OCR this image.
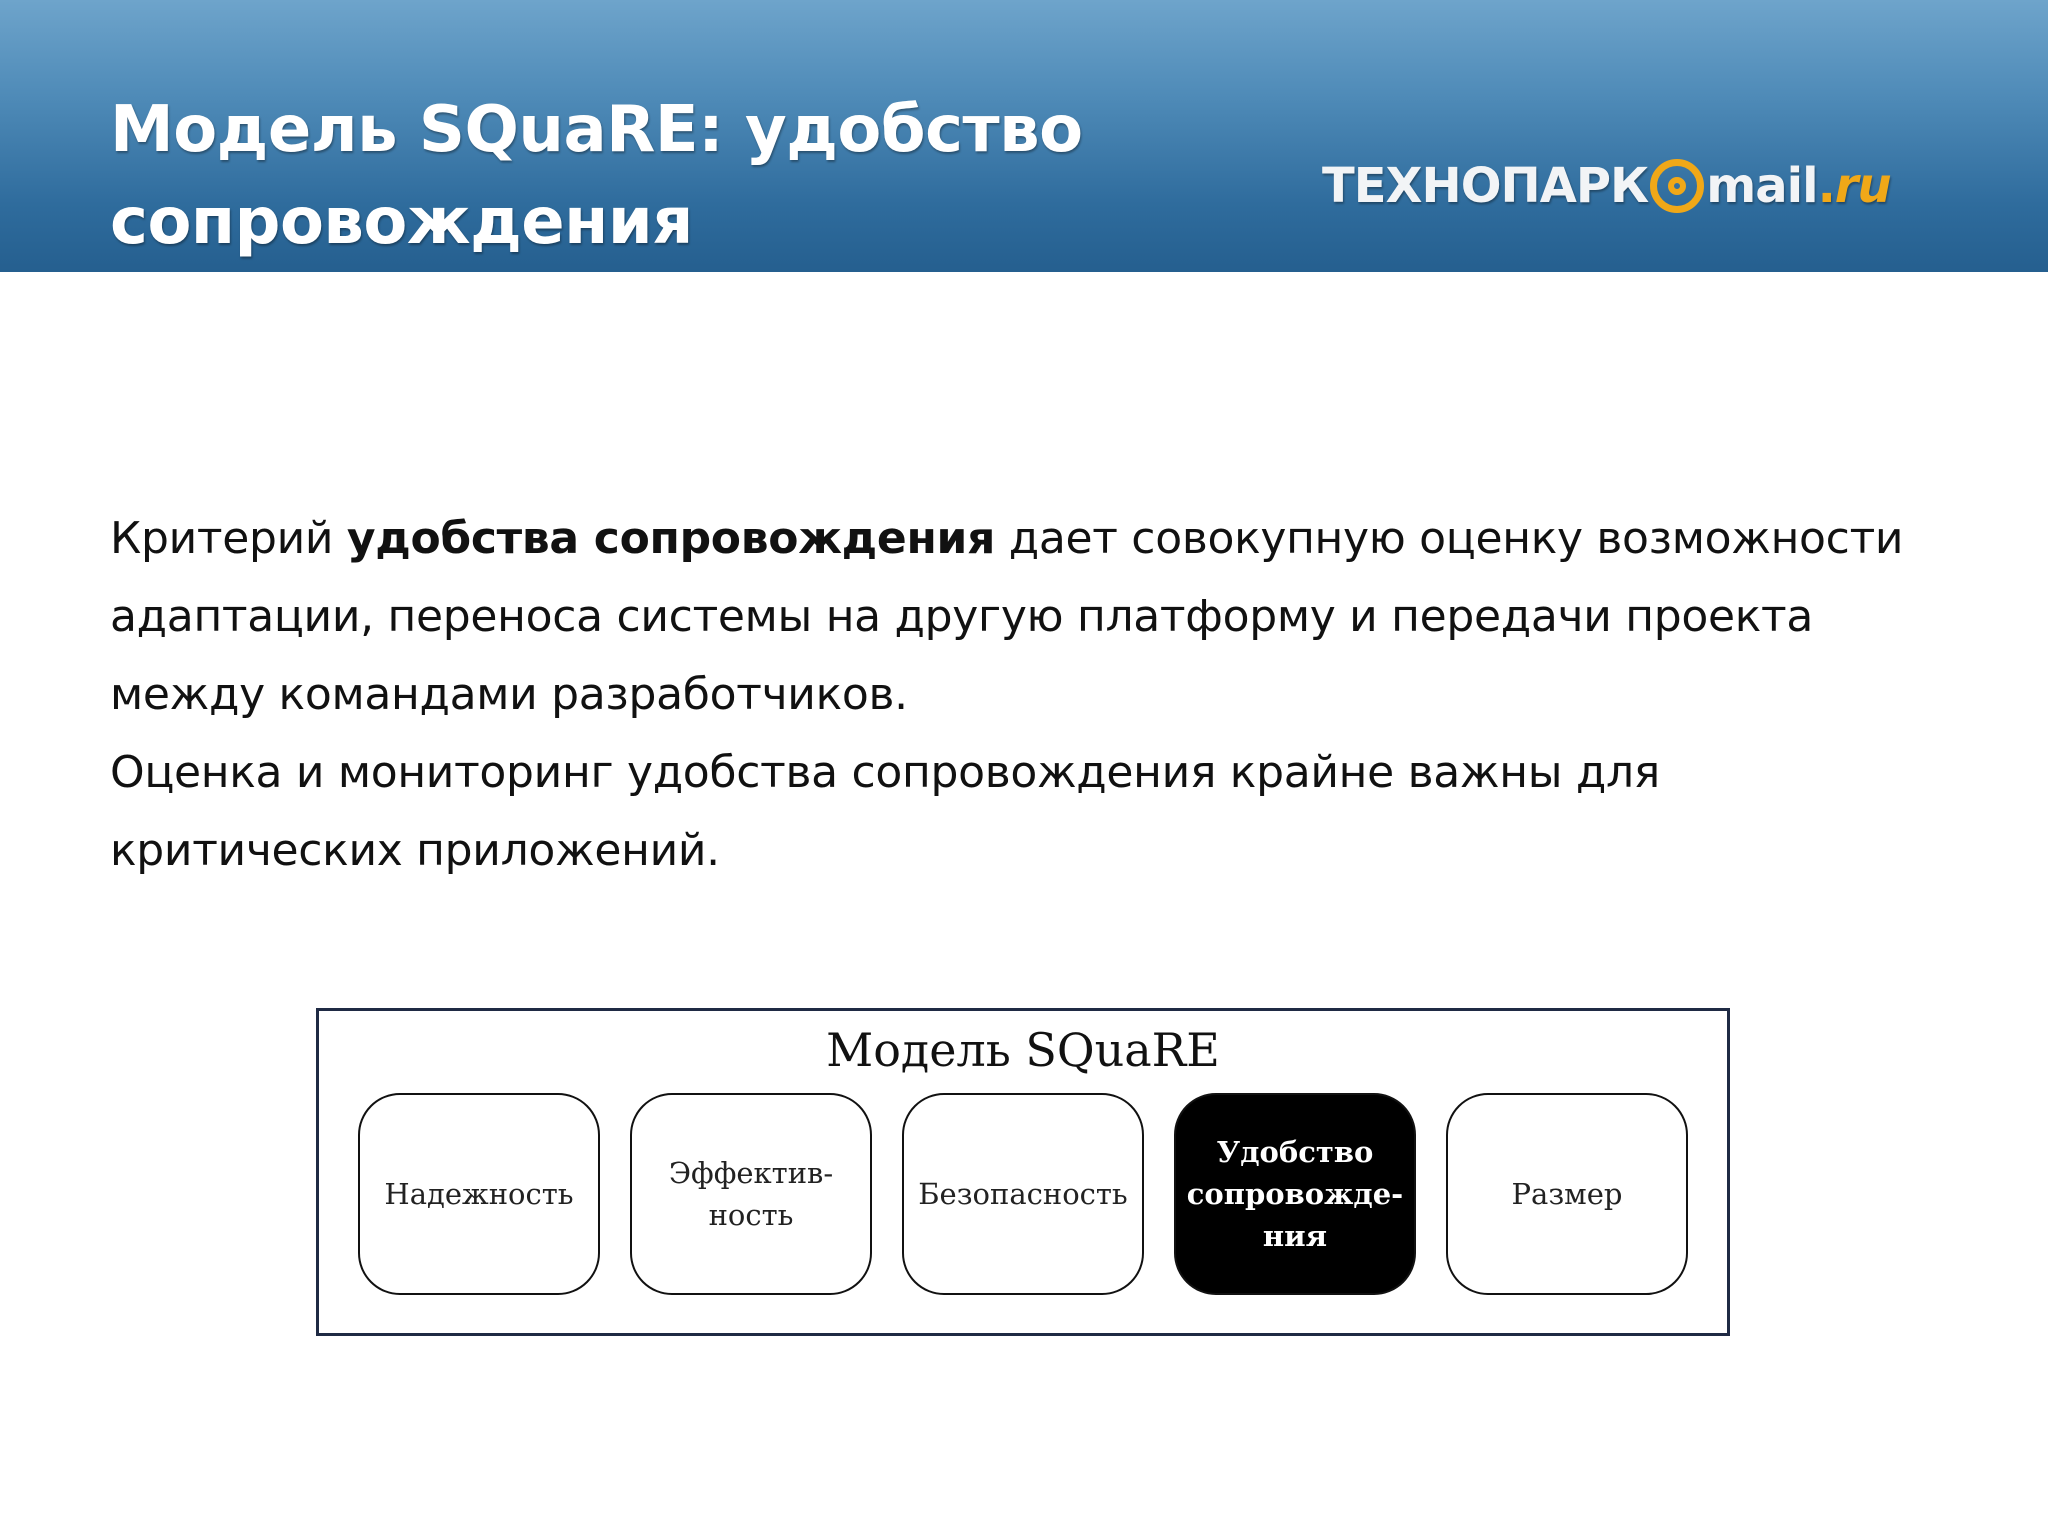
Модель SQuaRE: удобство сопровождения	ТЕХНОПАРК mail . ru

Критерий удобства сопровождения дает совокупную оценку возможности адаптации, переноса системы на другую платформу и передачи проекта между командами разработчиков.

Оценка и мониторинг удобства сопровождения крайне важны для критических приложений.

Модель SQuaRE
Надежность
Эффектив-
ность
Безопасность
Удобство
сопровожде-
ния
Размер
